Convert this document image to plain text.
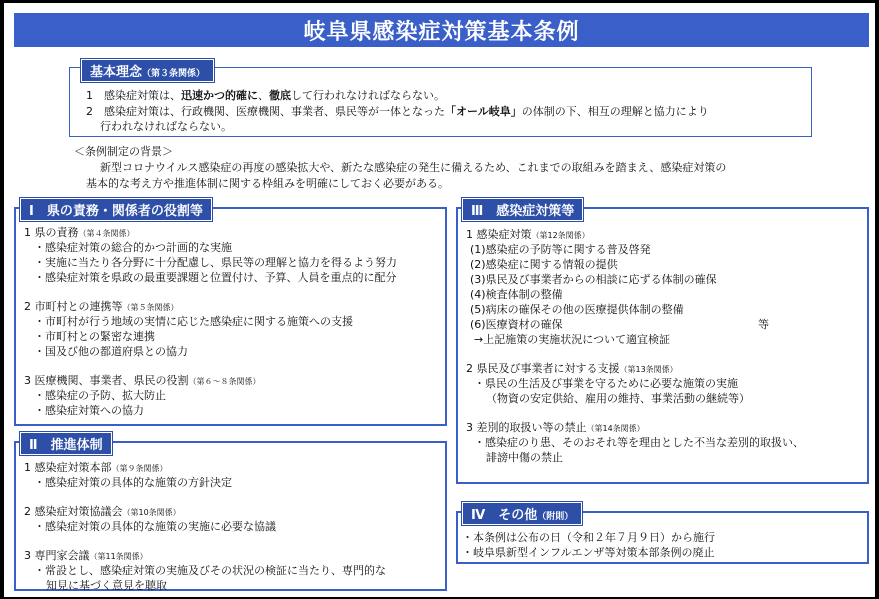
岐阜県感染症対策基本条例
基本理念（第３条関係）
1　感染症対策は、迅速かつ的確に、徹底して行われなければならない。
2　感染症対策は、行政機関、医療機関、事業者、県民等が一体となった「オール岐阜」の体制の下、相互の理解と協力により
行われなければならない。
＜条例制定の背景＞
新型コロナウイルス感染症の再度の感染拡大や、新たな感染症の発生に備えるため、これまでの取組みを踏まえ、感染症対策の
基本的な考え方や推進体制に関する枠組みを明確にしておく必要がある。
Ⅰ　県の責務・関係者の役割等
1 県の責務（第４条関係）
・感染症対策の総合的かつ計画的な実施
・実施に当たり各分野に十分配慮し、県民等の理解と協力を得るよう努力
・感染症対策を県政の最重要課題と位置付け、予算、人員を重点的に配分
2 市町村との連携等（第５条関係）
・市町村が行う地域の実情に応じた感染症に関する施策への支援
・市町村との緊密な連携
・国及び他の都道府県との協力
3 医療機関、事業者、県民の役割（第６～８条関係）
・感染症の予防、拡大防止
・感染症対策への協力
Ⅱ　推進体制
1 感染症対策本部（第９条関係）
・感染症対策の具体的な施策の方針決定
2 感染症対策協議会（第10条関係）
・感染症対策の具体的な施策の実施に必要な協議
3 専門家会議（第11条関係）
・常設とし、感染症対策の実施及びその状況の検証に当たり、専門的な
知見に基づく意見を聴取
Ⅲ　感染症対策等
1 感染症対策（第12条関係）
(1)感染症の予防等に関する普及啓発
(2)感染症に関する情報の提供
(3)県民及び事業者からの相談に応ずる体制の確保
(4)検査体制の整備
(5)病床の確保その他の医療提供体制の整備
(6)医療資材の確保	等
→上記施策の実施状況について適宜検証
2 県民及び事業者に対する支援（第13条関係）
・県民の生活及び事業を守るために必要な施策の実施
（物資の安定供給、雇用の維持、事業活動の継続等）
3 差別的取扱い等の禁止（第14条関係）
・感染症のり患、そのおそれ等を理由とした不当な差別的取扱い、
誹謗中傷の禁止
Ⅳ　その他（附則）
・本条例は公布の日（令和２年７月９日）から施行
・岐阜県新型インフルエンザ等対策本部条例の廃止
